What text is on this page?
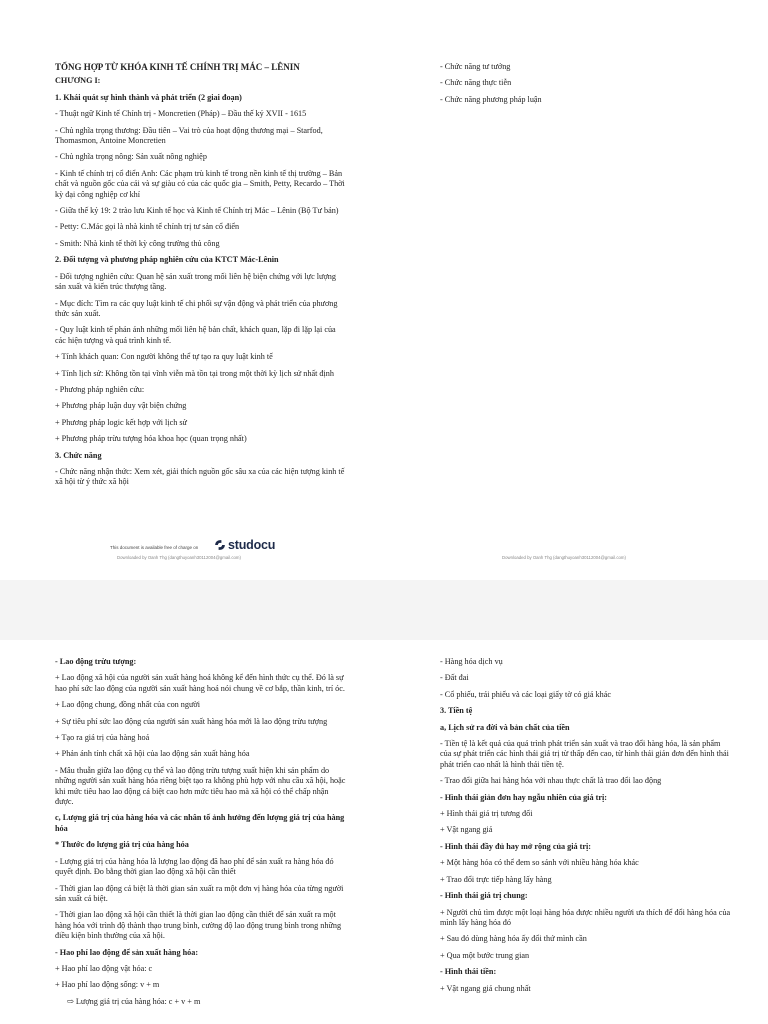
TỔNG HỢP TỪ KHÓA KINH TẾ CHÍNH TRỊ MÁC – LÊNIN

CHƯƠNG I:

1. Khái quát sự hình thành và phát triển (2 giai đoạn)

- Thuật ngữ Kinh tế Chính trị - Moncretien (Pháp) – Đầu thế kỷ XVII - 1615

- Chủ nghĩa trọng thương: Đầu tiên – Vai trò của hoạt động thương mại – Starfod, Thomasmon, Antoine Moncretien

- Chủ nghĩa trọng nông: Sản xuất nông nghiệp

- Kinh tế chính trị cổ điển Anh: Các phạm trù kinh tế trong nền kinh tế thị trường – Bản chất và nguồn gốc của cải và sự giàu có của các quốc gia – Smith, Petty, Recardo – Thời kỳ đại công nghiệp cơ khí

- Giữa thế kỷ 19: 2 trào lưu Kinh tế học và Kinh tế Chính trị Mác – Lênin (Bộ Tư bản)

- Petty: C.Mác gọi là nhà kinh tế chính trị tư sản cổ điển

- Smith: Nhà kinh tế thời kỳ công trường thủ công

2. Đối tượng và phương pháp nghiên cứu của KTCT Mác-Lênin

- Đối tượng nghiên cứu: Quan hệ sản xuất trong mối liên hệ biện chứng với lực lượng sản xuất và kiến trúc thượng tầng.

- Mục đích: Tìm ra các quy luật kinh tế chi phối sự vận động và phát triển của phương thức sản xuất.

- Quy luật kinh tế phản ánh những mối liên hệ bản chất, khách quan, lặp đi lặp lại của các hiện tượng và quá trình kinh tế.

+ Tính khách quan: Con người không thể tự tạo ra quy luật kinh tế

+ Tính lịch sử: Không tồn tại vĩnh viễn mà tồn tại trong một thời kỳ lịch sử nhất định

- Phương pháp nghiên cứu:

+ Phương pháp luận duy vật biện chứng

+ Phương pháp logic kết hợp với lịch sử

+ Phương pháp trừu tượng hóa khoa học (quan trọng nhất)

3. Chức năng

- Chức năng nhận thức: Xem xét, giải thích nguồn gốc sâu xa của các hiện tượng kinh tế xã hội từ ý thức xã hội

- Chức năng tư tưởng

- Chức năng thực tiễn

- Chức năng phương pháp luận

This document is available free of charge on studocu
Downloaded by Oanh Thg (dangthuyoanh30112004@gmail.com)	Downloaded by Oanh Thg (dangthuyoanh30112004@gmail.com)

- Lao động trừu tượng:

+ Lao động xã hội của người sản xuất hàng hoá không kể đến hình thức cụ thể. Đó là sự hao phí sức lao động của người sản xuất hàng hoá nói chung về cơ bắp, thần kinh, trí óc.

+ Lao động chung, đồng nhất của con người

+ Sự tiêu phí sức lao động của người sản xuất hàng hóa mới là lao động trừu tượng

+ Tạo ra giá trị của hàng hoá

+ Phản ánh tính chất xã hội của lao động sản xuất hàng hóa

- Mâu thuẫn giữa lao động cụ thể và lao động trừu tượng xuất hiện khi sản phẩm do những người sản xuất hàng hóa riêng biệt tạo ra không phù hợp với nhu cầu xã hội, hoặc khi mức tiêu hao lao động cá biệt cao hơn mức tiêu hao mà xã hội có thể chấp nhận được.

c, Lượng giá trị của hàng hóa và các nhân tố ảnh hưởng đến lượng giá trị của hàng hóa

* Thước đo lượng giá trị của hàng hóa

- Lượng giá trị của hàng hóa là lượng lao động đã hao phí để sản xuất ra hàng hóa đó quyết định. Đo bằng thời gian lao động xã hội cần thiết

- Thời gian lao động cá biệt là thời gian sản xuất ra một đơn vị hàng hóa của từng người sản xuất cá biệt.

- Thời gian lao động xã hội cần thiết là thời gian lao động cần thiết để sản xuất ra một hàng hóa với trình độ thành thạo trung bình, cường độ lao động trung bình trong những điều kiện bình thường của xã hội.

- Hao phí lao động để sản xuất hàng hóa:

+ Hao phí lao động vật hóa: c

+ Hao phí lao động sống: v + m

⇨ Lượng giá trị của hàng hóa: c + v + m

- Hàng hóa dịch vụ

- Đất đai

- Cổ phiếu, trái phiếu và các loại giấy tờ có giá khác

3. Tiền tệ

a, Lịch sử ra đời và bản chất của tiền

- Tiền tệ là kết quả của quá trình phát triển sản xuất và trao đổi hàng hóa, là sản phẩm của sự phát triển các hình thái giá trị từ thấp đến cao, từ hình thái giản đơn đến hình thái phát triển cao nhất là hình thái tiền tệ.

- Trao đổi giữa hai hàng hóa với nhau thực chất là trao đổi lao động

- Hình thái giản đơn hay ngẫu nhiên của giá trị:

+ Hình thái giá trị tương đối

+ Vật ngang giá

- Hình thái đầy đủ hay mở rộng của giá trị:

+ Một hàng hóa có thể đem so sánh với nhiều hàng hóa khác

+ Trao đổi trực tiếp hàng lấy hàng

- Hình thái giá trị chung:

+ Người chủ tìm được một loại hàng hóa được nhiều người ưa thích để đổi hàng hóa của mình lấy hàng hóa đó

+ Sau đó dùng hàng hóa ấy đổi thứ mình cần

+ Qua một bước trung gian

- Hình thái tiền:

+ Vật ngang giá chung nhất
